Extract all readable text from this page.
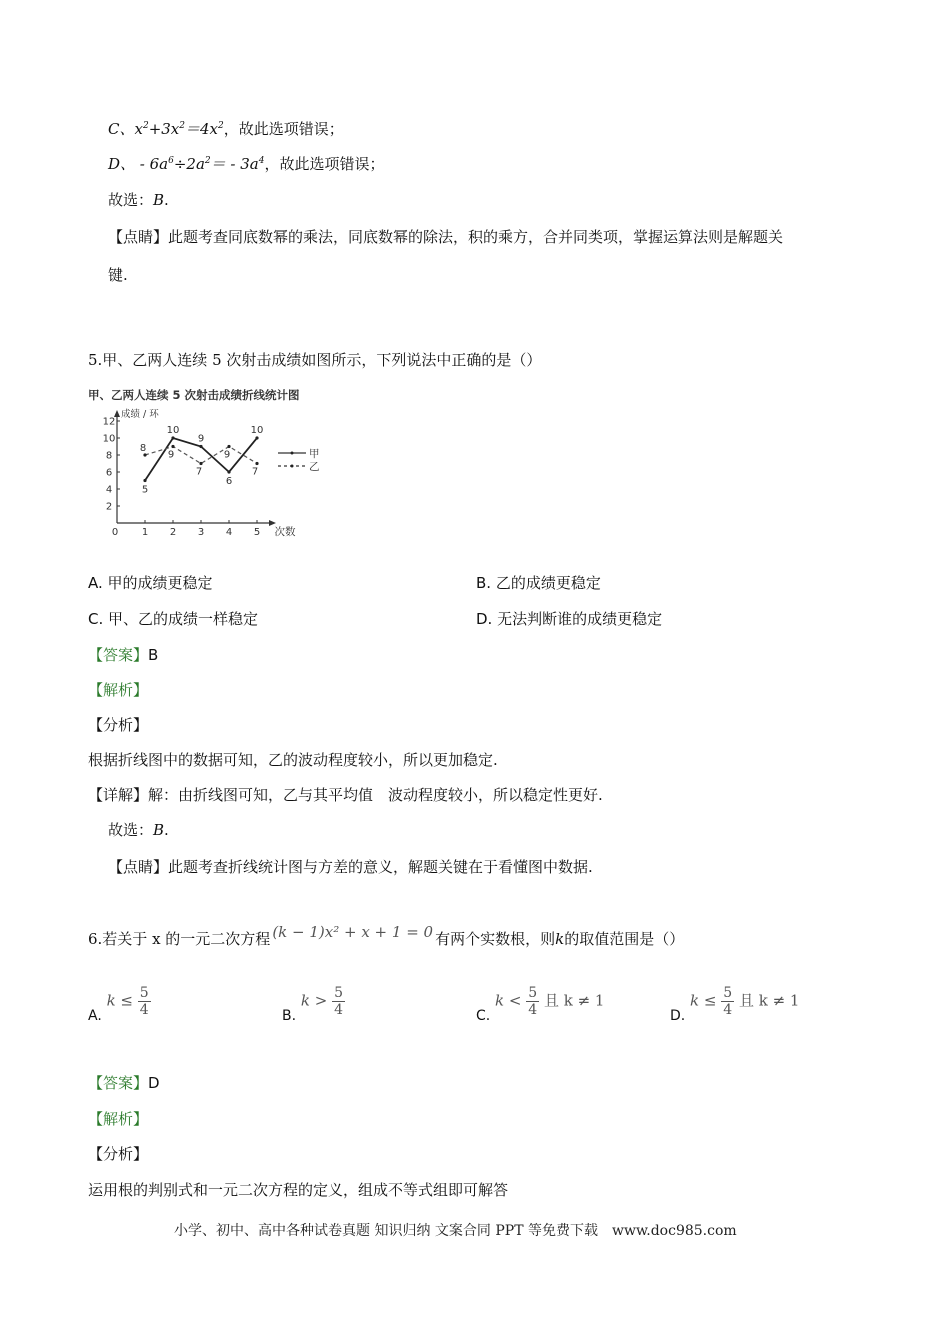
C、$x^2+3x^2=4x^2$，故此选项错误；
D、 - $6a^6\div 2a^2= - 3a^4$，故此选项错误；
故选：B.
【点睛】此题考查同底数幂的乘法，同底数幂的除法，积的乘方，合并同类项，掌握运算法则是解题关
键.
5.甲、乙两人连续 5 次射击成绩如图所示，下列说法中正确的是（）
甲、乙两人连续 5 次射击成绩折线统计图
2
4
6
8
10
12
0 1 2 3 4 5
成绩 / 环
次数
5
10
9
6
10
甲
8
9
7
9
7	乙
A. 甲的成绩更稳定	B. 乙的成绩更稳定
C. 甲、乙的成绩一样稳定	D. 无法判断谁的成绩更稳定
【答案】B
【解析】
【分析】
根据折线图中的数据可知，乙的波动程度较小，所以更加稳定.
【详解】解：由折线图可知，乙与其平均值　波动程度较小，所以稳定性更好.
故选：B.
【点睛】此题考查折线统计图与方差的意义，解题关键在于看懂图中数据.
6.若关于 x 的一元二次方程 (k − 1)x² + x + 1 = 0 有两个实数根，则k的取值范围是（）
A. $k \le \frac{5}{4}$	B. $k > \frac{5}{4}$	C. $k < \frac{5}{4}$ 且 k ≠ 1
D. $k \le \frac{5}{4}$ 且 k ≠ 1
【答案】D
【解析】
【分析】
运用根的判别式和一元二次方程的定义，组成不等式组即可解答
小学、初中、高中各种试卷真题 知识归纳 文案合同 PPT 等免费下载　www.doc985.com
